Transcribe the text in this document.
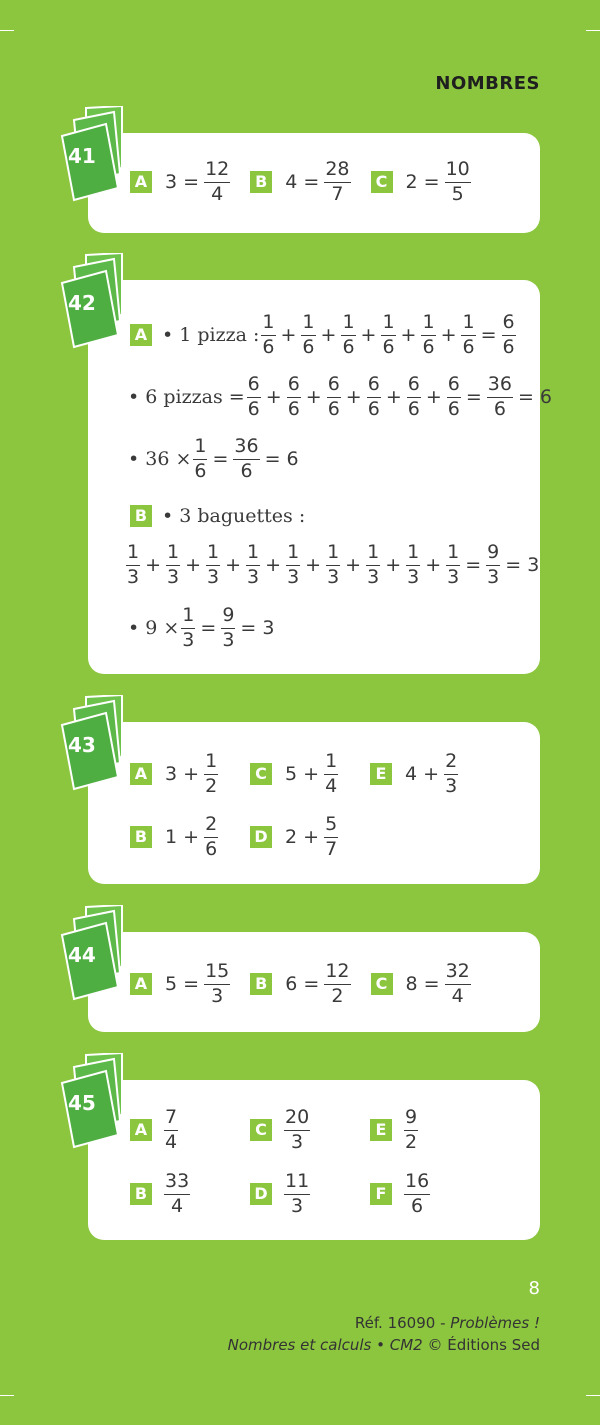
NOMBRES
41
A $3 = \frac{12}{4}$	B $4 = \frac{28}{7}$	C $2 = \frac{10}{5}$
42
A • 1 pizza : $\frac{1}{6} + \frac{1}{6} + \frac{1}{6} + \frac{1}{6} + \frac{1}{6} + \frac{1}{6} = \frac{6}{6}$
• 6 pizzas = $\frac{6}{6} + \frac{6}{6} + \frac{6}{6} + \frac{6}{6} + \frac{6}{6} + \frac{6}{6} = \frac{36}{6} = 6$
• $36 \times \frac{1}{6} = \frac{36}{6} = 6$
B • 3 baguettes :
$\frac{1}{3} + \frac{1}{3} + \frac{1}{3} + \frac{1}{3} + \frac{1}{3} + \frac{1}{3} + \frac{1}{3} + \frac{1}{3} + \frac{1}{3} = \frac{9}{3} = 3$
• $9 \times \frac{1}{3} = \frac{9}{3} = 3$
43
A $3 + \frac{1}{2}$	C $5 + \frac{1}{4}$	E $4 + \frac{2}{3}$
B $1 + \frac{2}{6}$ D $2 + \frac{5}{7}$
44
A $5 = \frac{15}{3}$	B $6 = \frac{12}{2}$	C $8 = \frac{32}{4}$
45
A $\frac{7}{4}$	C $\frac{20}{3}$	E $\frac{9}{2}$
B $\frac{33}{4}$	D $\frac{11}{3}$	F $\frac{16}{6}$
8
Réf. 16090 - Problèmes !
Nombres et calculs • CM2 © Éditions Sed
